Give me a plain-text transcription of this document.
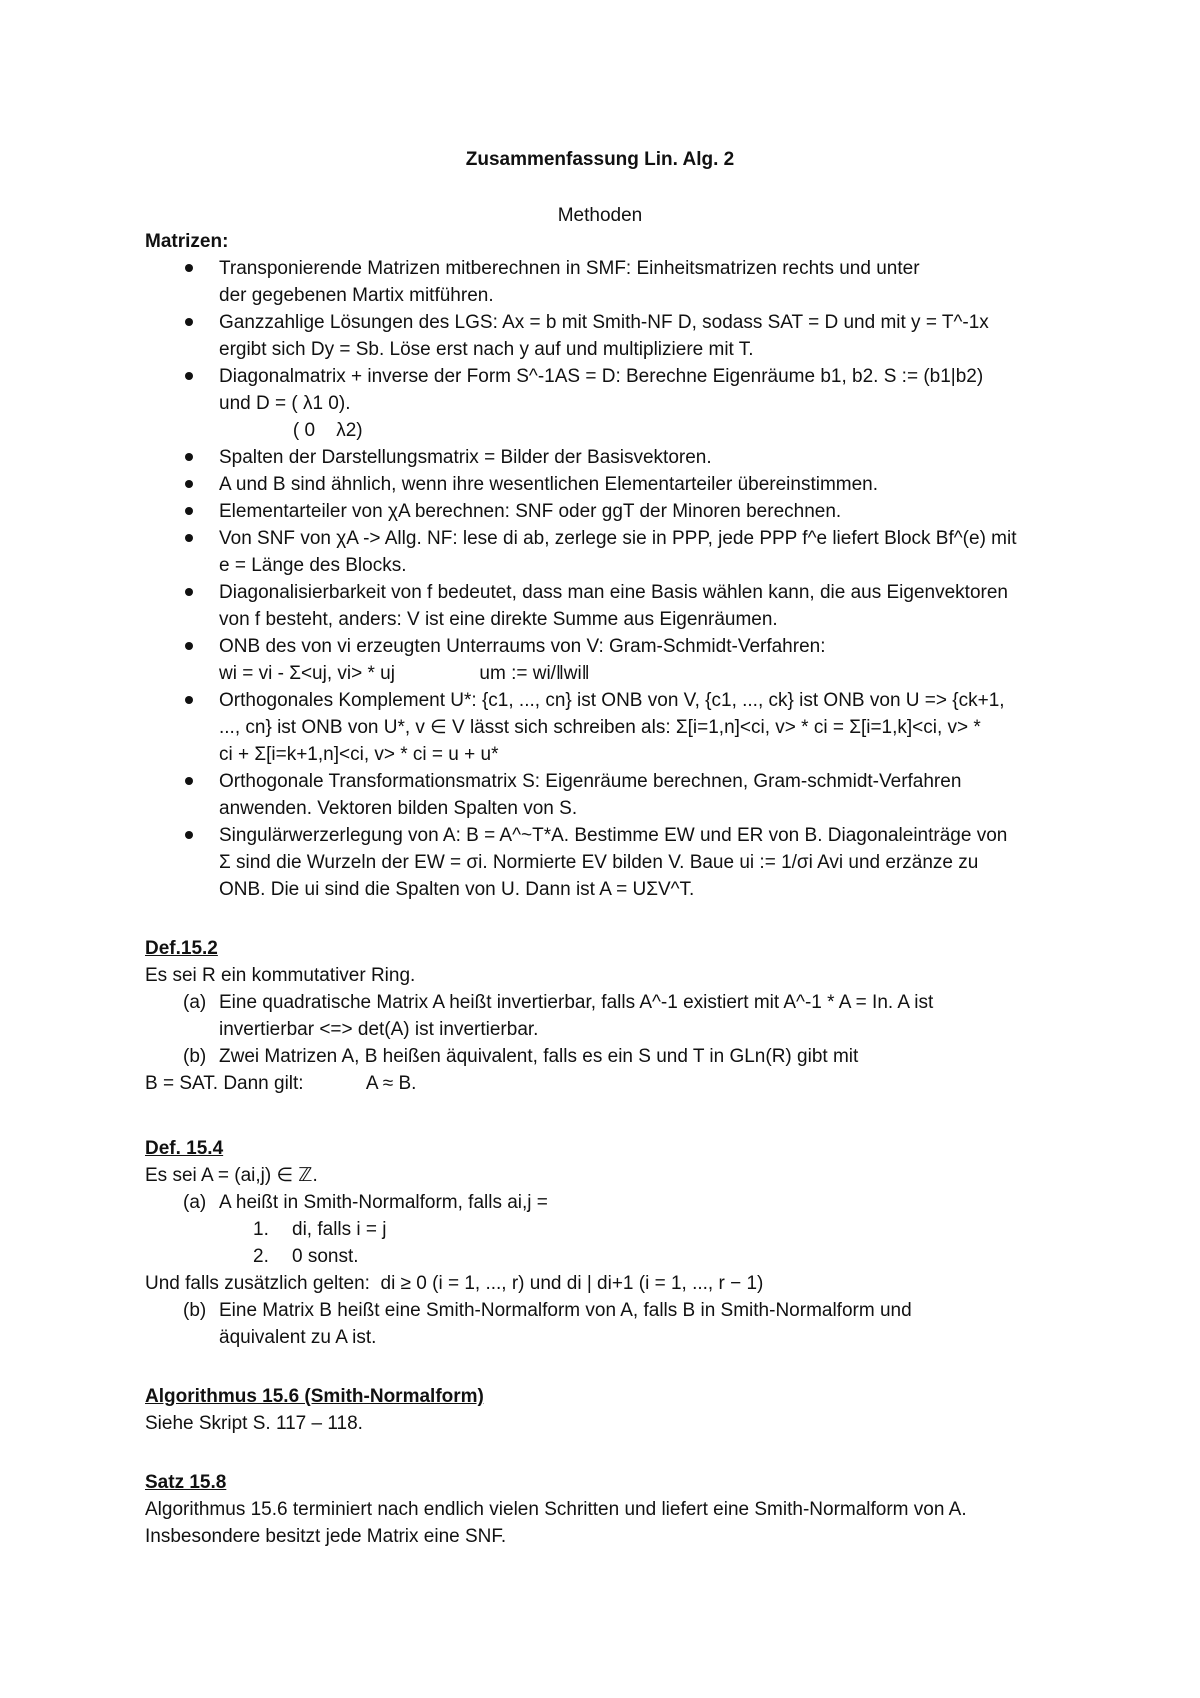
Zusammenfassung Lin. Alg. 2
Methoden
Matrizen:
Transponierende Matrizen mitberechnen in SMF: Einheitsmatrizen rechts und unter
der gegebenen Martix mitführen.
Ganzzahlige Lösungen des LGS: Ax = b mit Smith-NF D, sodass SAT = D und mit y = T^-1x
ergibt sich Dy = Sb. Löse erst nach y auf und multipliziere mit T.
Diagonalmatrix + inverse der Form S^-1AS = D: Berechne Eigenräume b1, b2. S := (b1|b2)
und D = ( λ1 0).
( 0    λ2)
Spalten der Darstellungsmatrix = Bilder der Basisvektoren.
A und B sind ähnlich, wenn ihre wesentlichen Elementarteiler übereinstimmen.
Elementarteiler von χA berechnen: SNF oder ggT der Minoren berechnen.
Von SNF von χA -> Allg. NF: lese di ab, zerlege sie in PPP, jede PPP f^e liefert Block Bf^(e) mit
e = Länge des Blocks.
Diagonalisierbarkeit von f bedeutet, dass man eine Basis wählen kann, die aus Eigenvektoren
von f besteht, anders: V ist eine direkte Summe aus Eigenräumen.
ONB des von vi erzeugten Unterraums von V: Gram-Schmidt-Verfahren:
wi = vi - Σ<uj, vi> * uj                um := wi/‖wi‖
Orthogonales Komplement U*: {c1, ..., cn} ist ONB von V, {c1, ..., ck} ist ONB von U => {ck+1,
..., cn} ist ONB von U*, v ∈ V lässt sich schreiben als: Σ[i=1,n]<ci, v> * ci = Σ[i=1,k]<ci, v> *
ci + Σ[i=k+1,n]<ci, v> * ci = u + u*
Orthogonale Transformationsmatrix S: Eigenräume berechnen, Gram-schmidt-Verfahren
anwenden. Vektoren bilden Spalten von S.
Singulärwerzerlegung von A: B = A^~T*A. Bestimme EW und ER von B. Diagonaleinträge von
Σ sind die Wurzeln der EW = σi. Normierte EV bilden V. Baue ui := 1/σi Avi und erzänze zu
ONB. Die ui sind die Spalten von U. Dann ist A = UΣV^T.
Def.15.2
Es sei R ein kommutativer Ring.
(a) Eine quadratische Matrix A heißt invertierbar, falls A^-1 existiert mit A^-1 * A = In. A ist
invertierbar <=> det(A) ist invertierbar.
(b) Zwei Matrizen A, B heißen äquivalent, falls es ein S und T in GLn(R) gibt mit
B = SAT. Dann gilt:            A ≈ B.
Def. 15.4
Es sei A = (ai,j) ∈ ℤ.
(a) A heißt in Smith-Normalform, falls ai,j =
1. di, falls i = j
2. 0 sonst.
Und falls zusätzlich gelten:  di ≥ 0 (i = 1, ..., r) und di | di+1 (i = 1, ..., r − 1)
(b) Eine Matrix B heißt eine Smith-Normalform von A, falls B in Smith-Normalform und
äquivalent zu A ist.
Algorithmus 15.6 (Smith-Normalform)
Siehe Skript S. 117 – 118.
Satz 15.8
Algorithmus 15.6 terminiert nach endlich vielen Schritten und liefert eine Smith-Normalform von A.
Insbesondere besitzt jede Matrix eine SNF.
